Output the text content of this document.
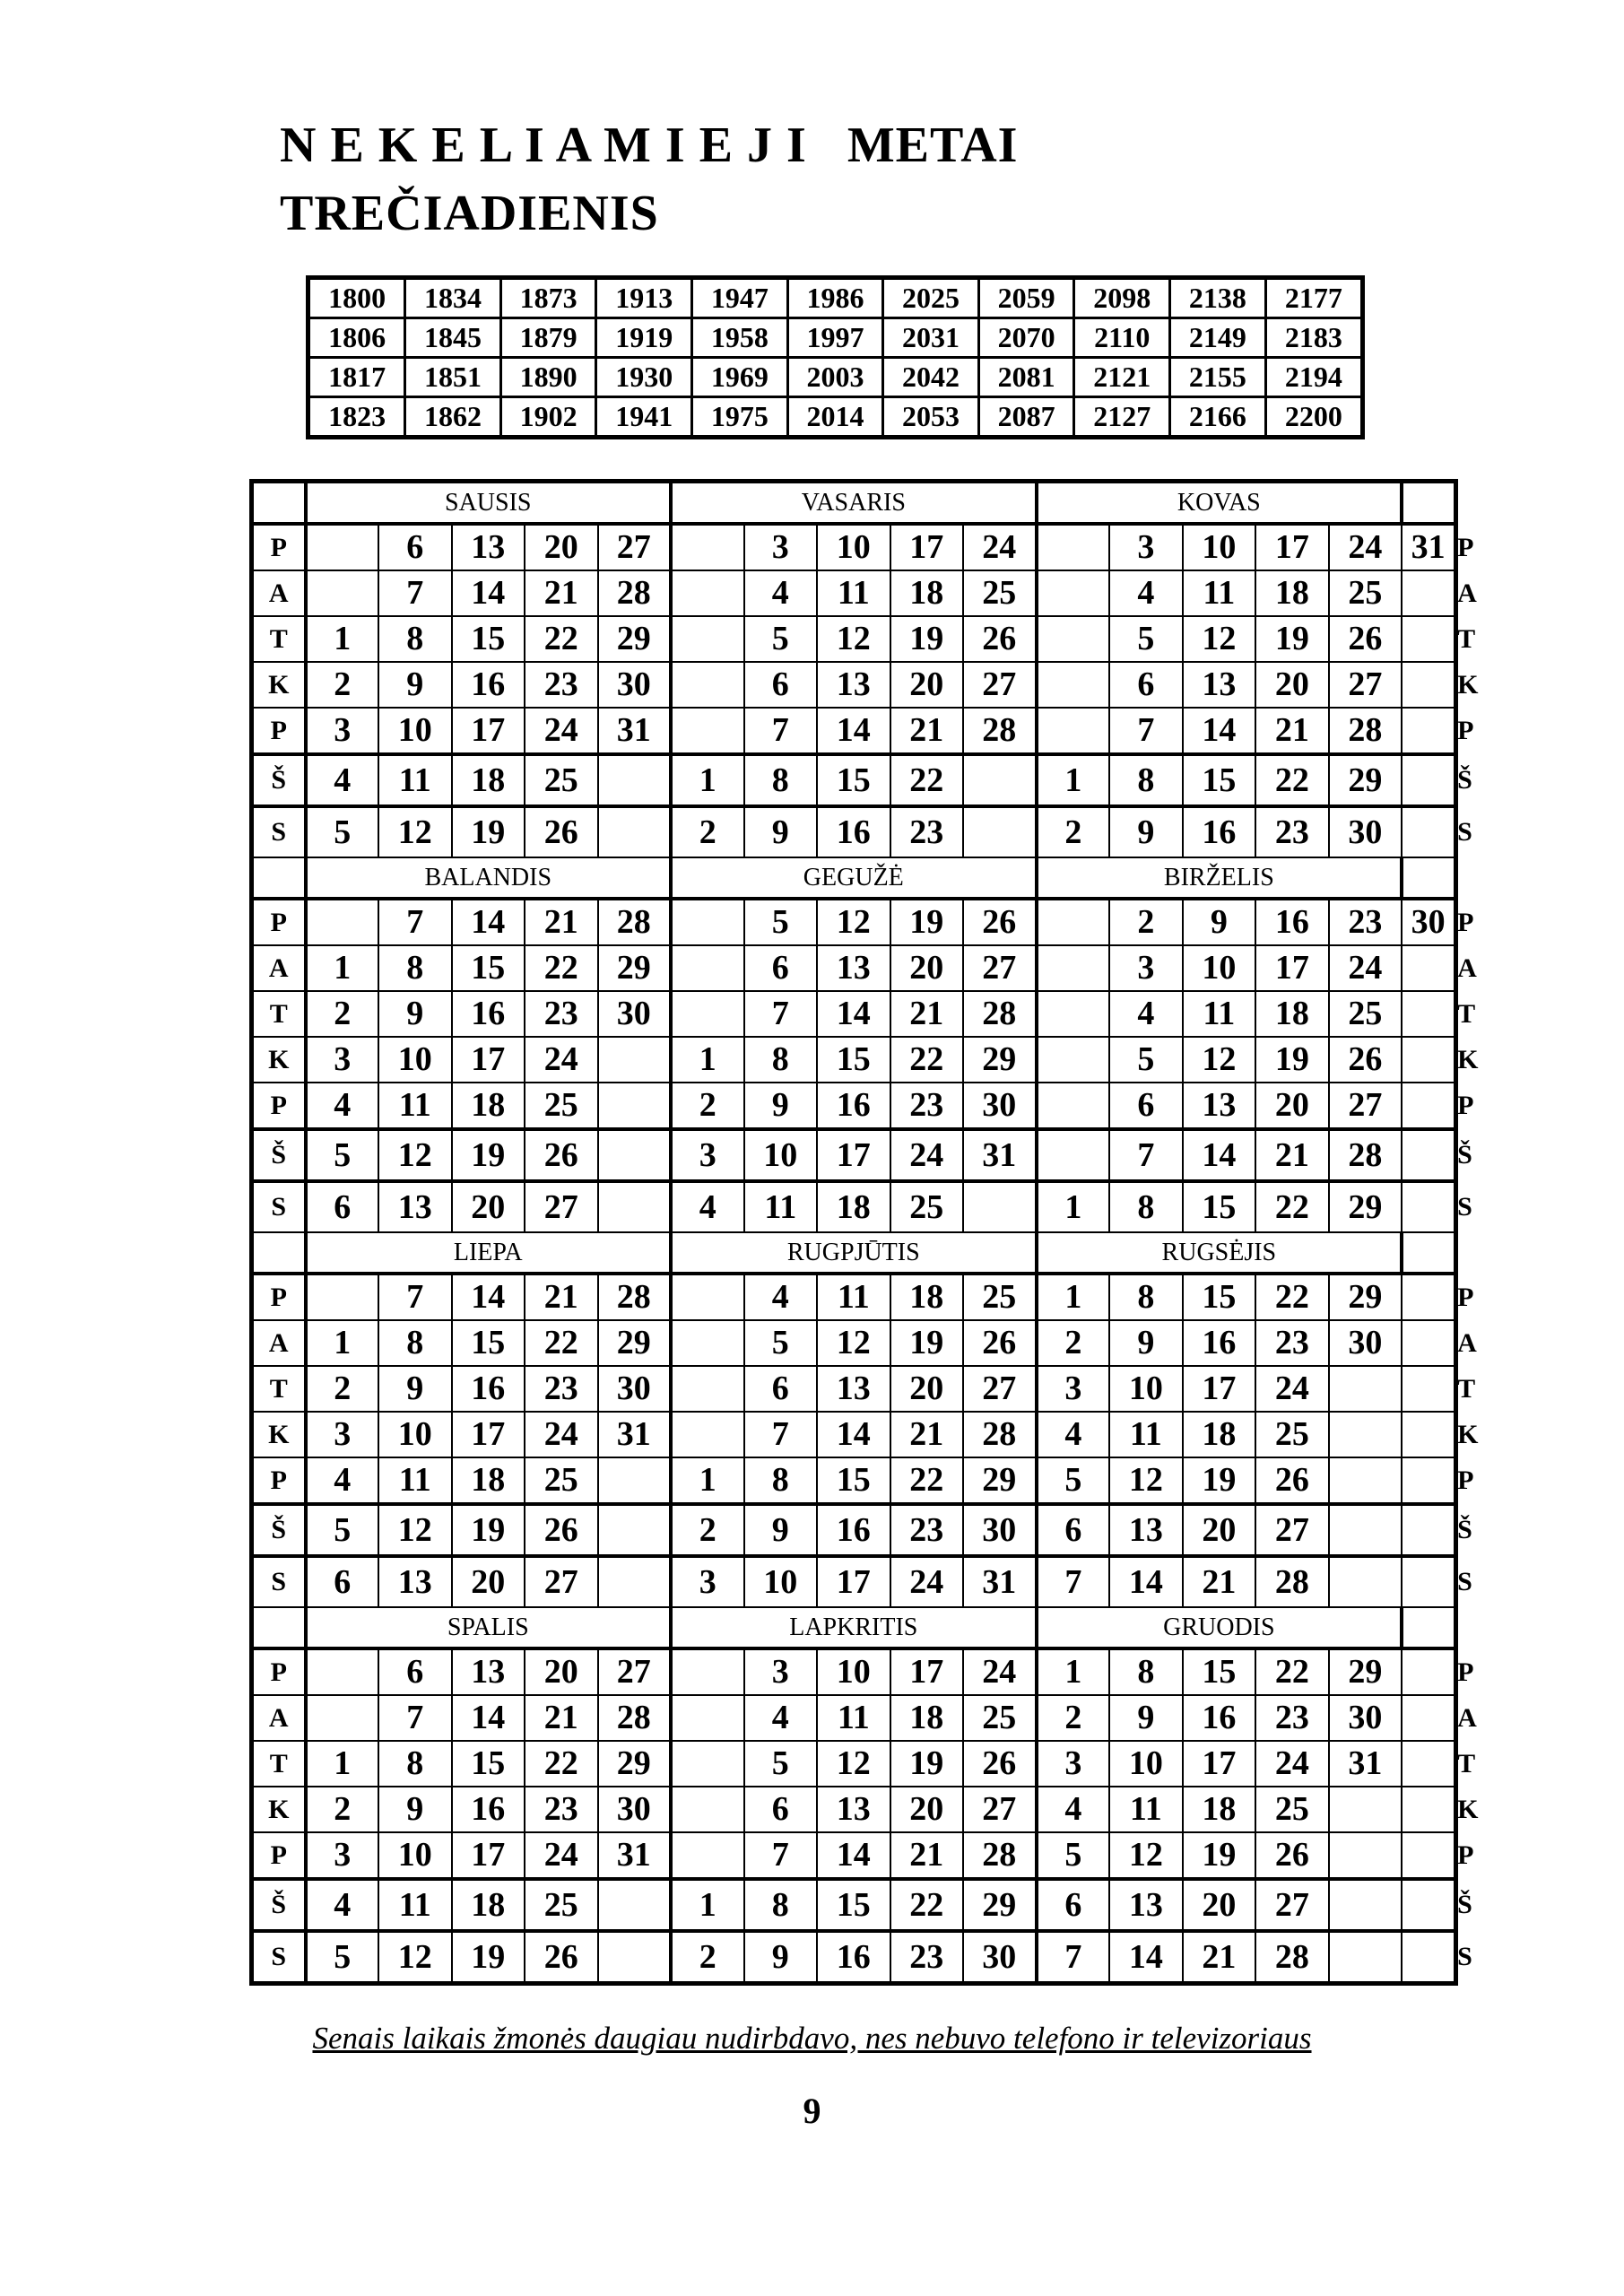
N E K E L I A M I E J I   METAI
TREČIADIENIS
1800	1834	1873	1913	1947	1986	2025	2059	2098	2138	2177
1806	1845	1879	1919	1958	1997	2031	2070	2110	2149	2183
1817	1851	1890	1930	1969	2003	2042	2081	2121	2155	2194
1823	1862	1902	1941	1975	2014	2053	2087	2127	2166	2200
	SAUSIS					VASARIS					KOVAS						
P		6	13	20	27		3	10	17	24		3	10	17	24	31	P
A		7	14	21	28		4	11	18	25		4	11	18	25		A
T	1	8	15	22	29		5	12	19	26		5	12	19	26		T
K	2	9	16	23	30		6	13	20	27		6	13	20	27		K
P	3	10	17	24	31		7	14	21	28		7	14	21	28		P
Š	4	11	18	25		1	8	15	22		1	8	15	22	29		Š
S	5	12	19	26		2	9	16	23		2	9	16	23	30		S
	BALANDIS					GEGUŽĖ					BIRŽELIS						
P		7	14	21	28		5	12	19	26		2	9	16	23	30	P
A	1	8	15	22	29		6	13	20	27		3	10	17	24		A
T	2	9	16	23	30		7	14	21	28		4	11	18	25		T
K	3	10	17	24		1	8	15	22	29		5	12	19	26		K
P	4	11	18	25		2	9	16	23	30		6	13	20	27		P
Š	5	12	19	26		3	10	17	24	31		7	14	21	28		Š
S	6	13	20	27		4	11	18	25		1	8	15	22	29		S
	LIEPA					RUGPJŪTIS					RUGSĖJIS						
P		7	14	21	28		4	11	18	25	1	8	15	22	29		P
A	1	8	15	22	29		5	12	19	26	2	9	16	23	30		A
T	2	9	16	23	30		6	13	20	27	3	10	17	24			T
K	3	10	17	24	31		7	14	21	28	4	11	18	25			K
P	4	11	18	25		1	8	15	22	29	5	12	19	26			P
Š	5	12	19	26		2	9	16	23	30	6	13	20	27			Š
S	6	13	20	27		3	10	17	24	31	7	14	21	28			S
	SPALIS					LAPKRITIS					GRUODIS						
P		6	13	20	27		3	10	17	24	1	8	15	22	29		P
A		7	14	21	28		4	11	18	25	2	9	16	23	30		A
T	1	8	15	22	29		5	12	19	26	3	10	17	24	31		T
K	2	9	16	23	30		6	13	20	27	4	11	18	25			K
P	3	10	17	24	31		7	14	21	28	5	12	19	26			P
Š	4	11	18	25		1	8	15	22	29	6	13	20	27			Š
S	5	12	19	26		2	9	16	23	30	7	14	21	28			S
Senais laikais žmonės daugiau nudirbdavo, nes nebuvo telefono ir televizoriaus
9
